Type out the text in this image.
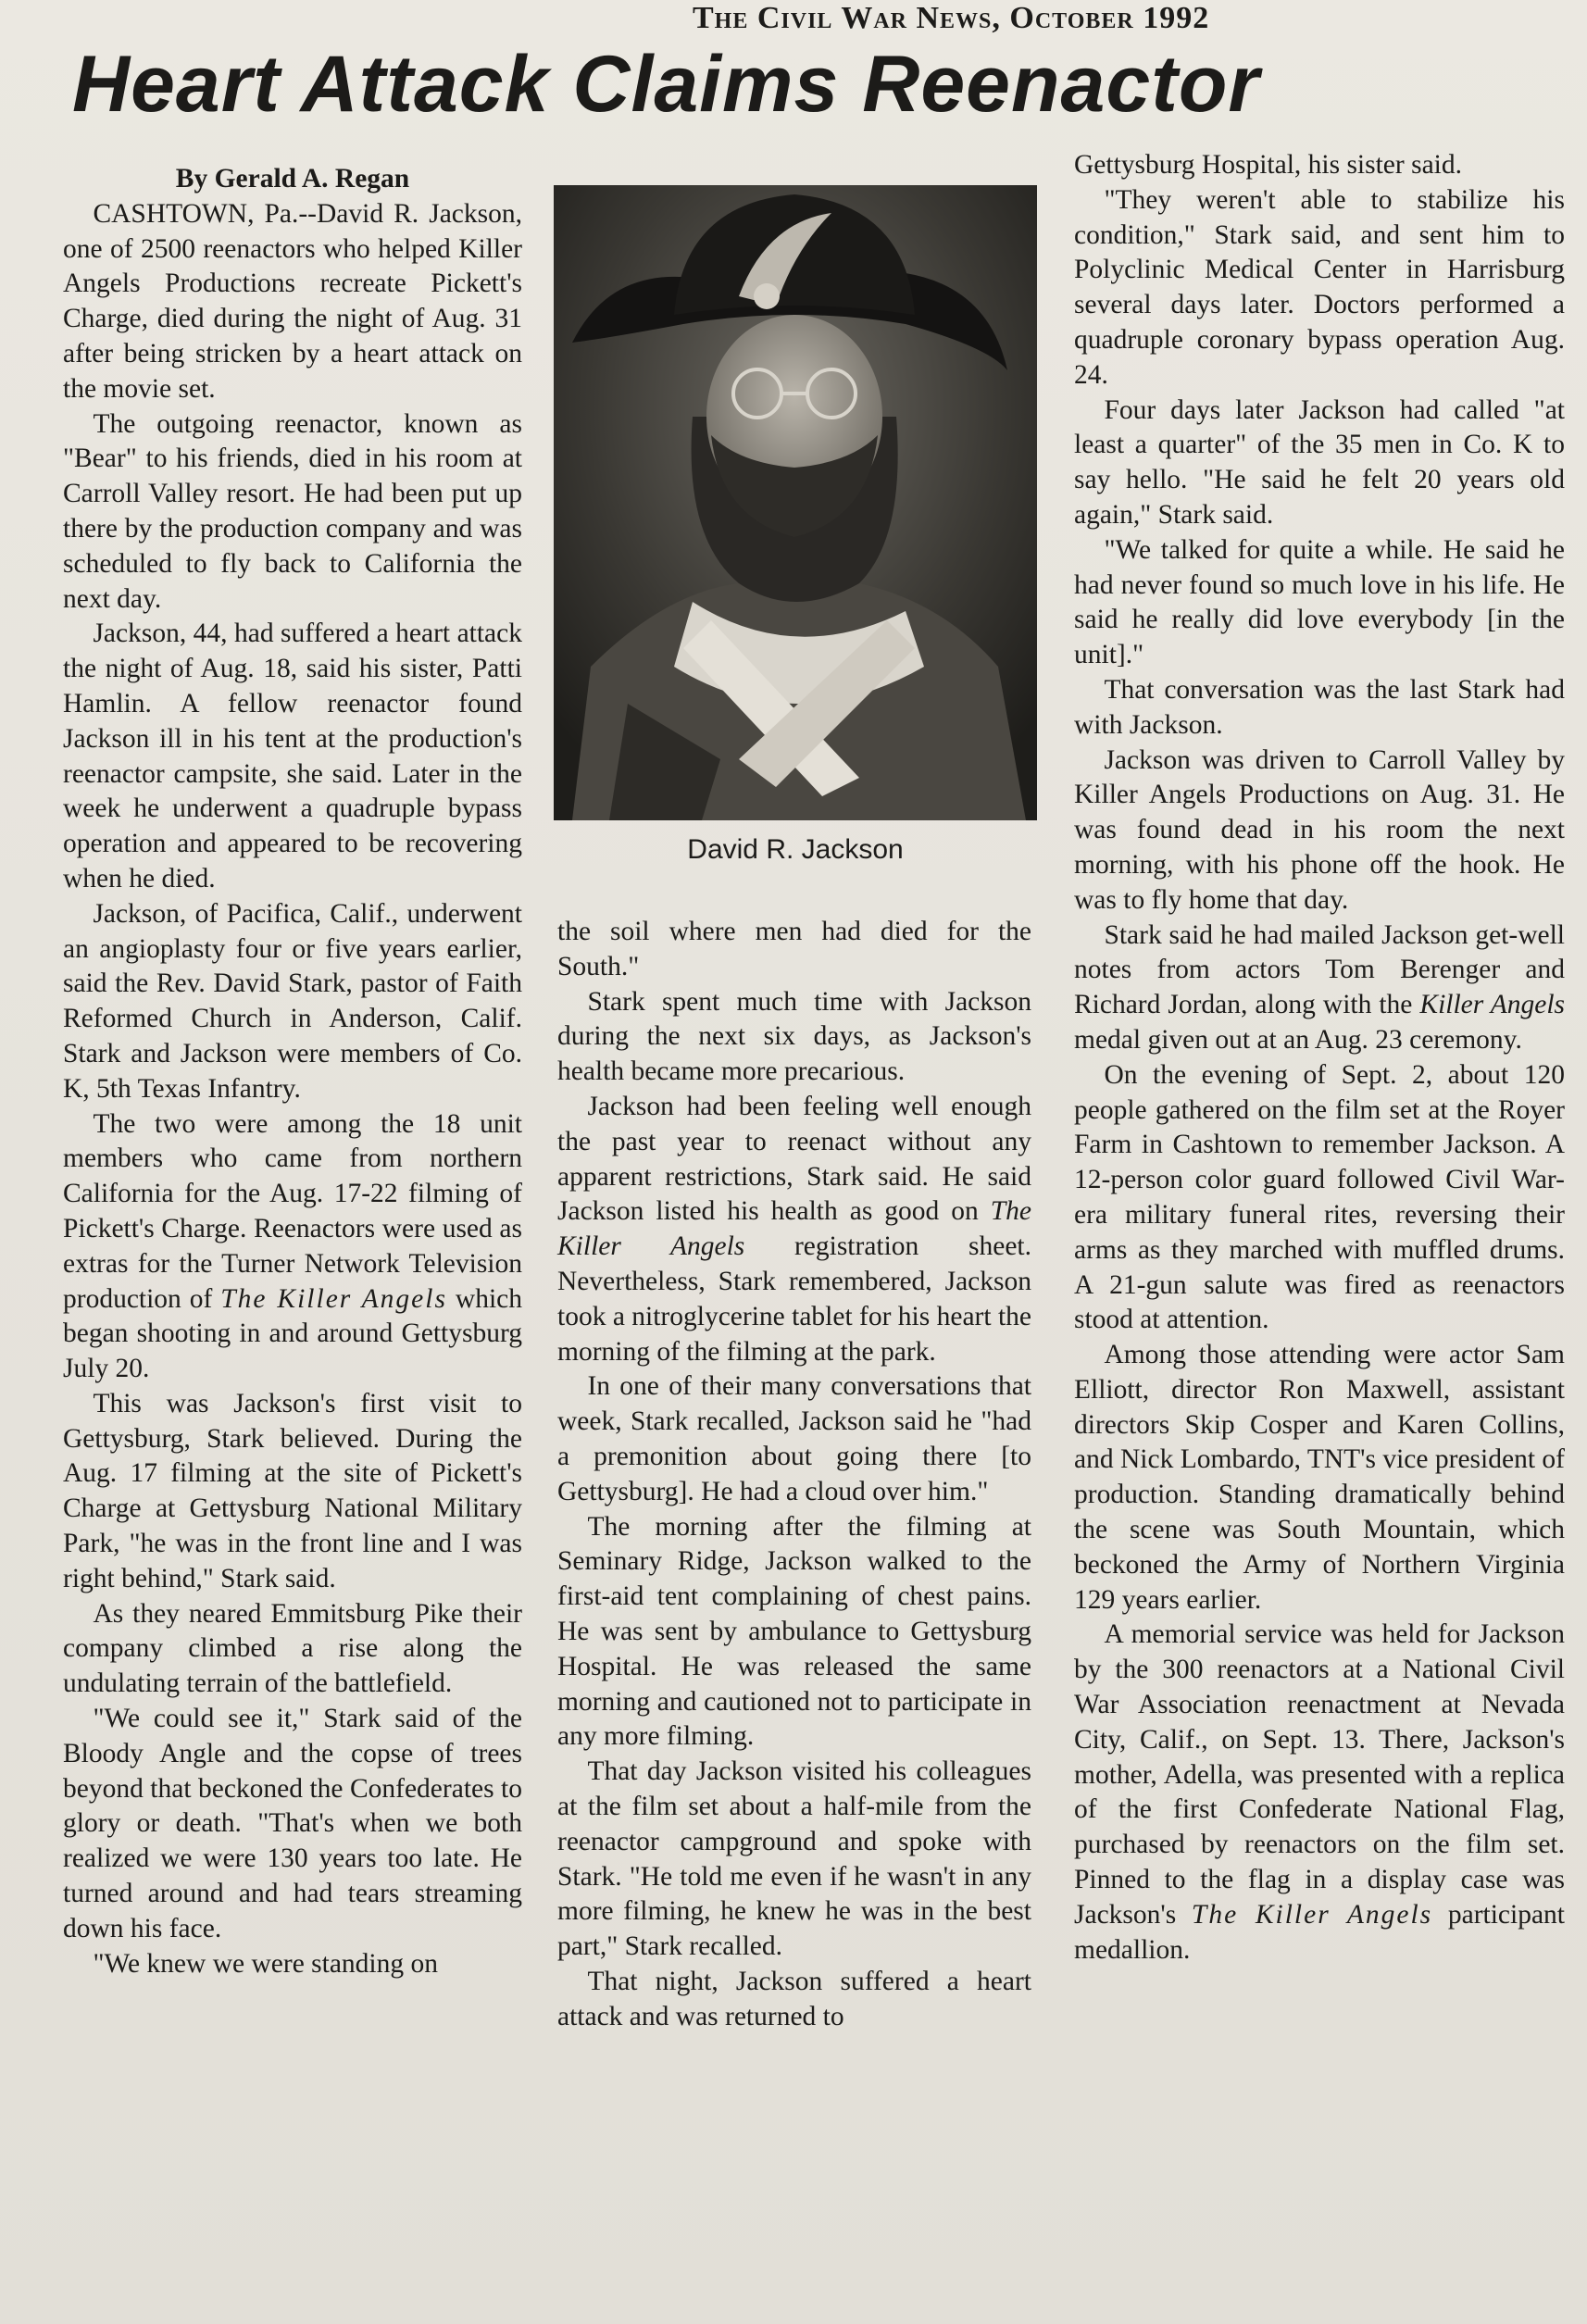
The Civil War News, October 1992
Heart Attack Claims Reenactor

By Gerald A. Regan

CASHTOWN, Pa.--David R. Jackson, one of 2500 reenactors who helped Killer Angels Productions recreate Pickett's Charge, died during the night of Aug. 31 after being stricken by a heart attack on the movie set.

The outgoing reenactor, known as "Bear" to his friends, died in his room at Carroll Valley resort. He had been put up there by the production company and was scheduled to fly back to California the next day.

Jackson, 44, had suffered a heart attack the night of Aug. 18, said his sister, Patti Hamlin. A fellow reenactor found Jackson ill in his tent at the production's reenactor campsite, she said. Later in the week he underwent a quadruple bypass operation and appeared to be recovering when he died.

Jackson, of Pacifica, Calif., underwent an angioplasty four or five years earlier, said the Rev. David Stark, pastor of Faith Reformed Church in Anderson, Calif. Stark and Jackson were members of Co. K, 5th Texas Infantry.

The two were among the 18 unit members who came from northern California for the Aug. 17-22 filming of Pickett's Charge. Reenactors were used as extras for the Turner Network Television production of The Killer Angels which began shooting in and around Gettysburg July 20.

This was Jackson's first visit to Gettysburg, Stark believed. During the Aug. 17 filming at the site of Pickett's Charge at Gettysburg National Military Park, "he was in the front line and I was right behind," Stark said.

As they neared Emmitsburg Pike their company climbed a rise along the undulating terrain of the battlefield.

"We could see it," Stark said of the Bloody Angle and the copse of trees beyond that beckoned the Confederates to glory or death. "That's when we both realized we were 130 years too late. He turned around and had tears streaming down his face.

"We knew we were standing on

David R. Jackson

the soil where men had died for the South."

Stark spent much time with Jackson during the next six days, as Jackson's health became more precarious.

Jackson had been feeling well enough the past year to reenact without any apparent restrictions, Stark said. He said Jackson listed his health as good on The Killer Angels registration sheet. Nevertheless, Stark remembered, Jackson took a nitroglycerine tablet for his heart the morning of the filming at the park.

In one of their many conversations that week, Stark recalled, Jackson said he "had a premonition about going there [to Gettysburg]. He had a cloud over him."

The morning after the filming at Seminary Ridge, Jackson walked to the first-aid tent complaining of chest pains. He was sent by ambulance to Gettysburg Hospital. He was released the same morning and cautioned not to participate in any more filming.

That day Jackson visited his colleagues at the film set about a half-mile from the reenactor campground and spoke with Stark. "He told me even if he wasn't in any more filming, he knew he was in the best part," Stark recalled.

That night, Jackson suffered a heart attack and was returned to

Gettysburg Hospital, his sister said.

"They weren't able to stabilize his condition," Stark said, and sent him to Polyclinic Medical Center in Harrisburg several days later. Doctors performed a quadruple coronary bypass operation Aug. 24.

Four days later Jackson had called "at least a quarter" of the 35 men in Co. K to say hello. "He said he felt 20 years old again," Stark said.

"We talked for quite a while. He said he had never found so much love in his life. He said he really did love everybody [in the unit]."

That conversation was the last Stark had with Jackson.

Jackson was driven to Carroll Valley by Killer Angels Productions on Aug. 31. He was found dead in his room the next morning, with his phone off the hook. He was to fly home that day.

Stark said he had mailed Jackson get-well notes from actors Tom Berenger and Richard Jordan, along with the Killer Angels medal given out at an Aug. 23 ceremony.

On the evening of Sept. 2, about 120 people gathered on the film set at the Royer Farm in Cashtown to remember Jackson. A 12-person color guard followed Civil War-era military funeral rites, reversing their arms as they marched with muffled drums. A 21-gun salute was fired as reenactors stood at attention.

Among those attending were actor Sam Elliott, director Ron Maxwell, assistant directors Skip Cosper and Karen Collins, and Nick Lombardo, TNT's vice president of production. Standing dramatically behind the scene was South Mountain, which beckoned the Army of Northern Virginia 129 years earlier.

A memorial service was held for Jackson by the 300 reenactors at a National Civil War Association reenactment at Nevada City, Calif., on Sept. 13. There, Jackson's mother, Adella, was presented with a replica of the first Confederate National Flag, purchased by reenactors on the film set. Pinned to the flag in a display case was Jackson's The Killer Angels participant medallion.
